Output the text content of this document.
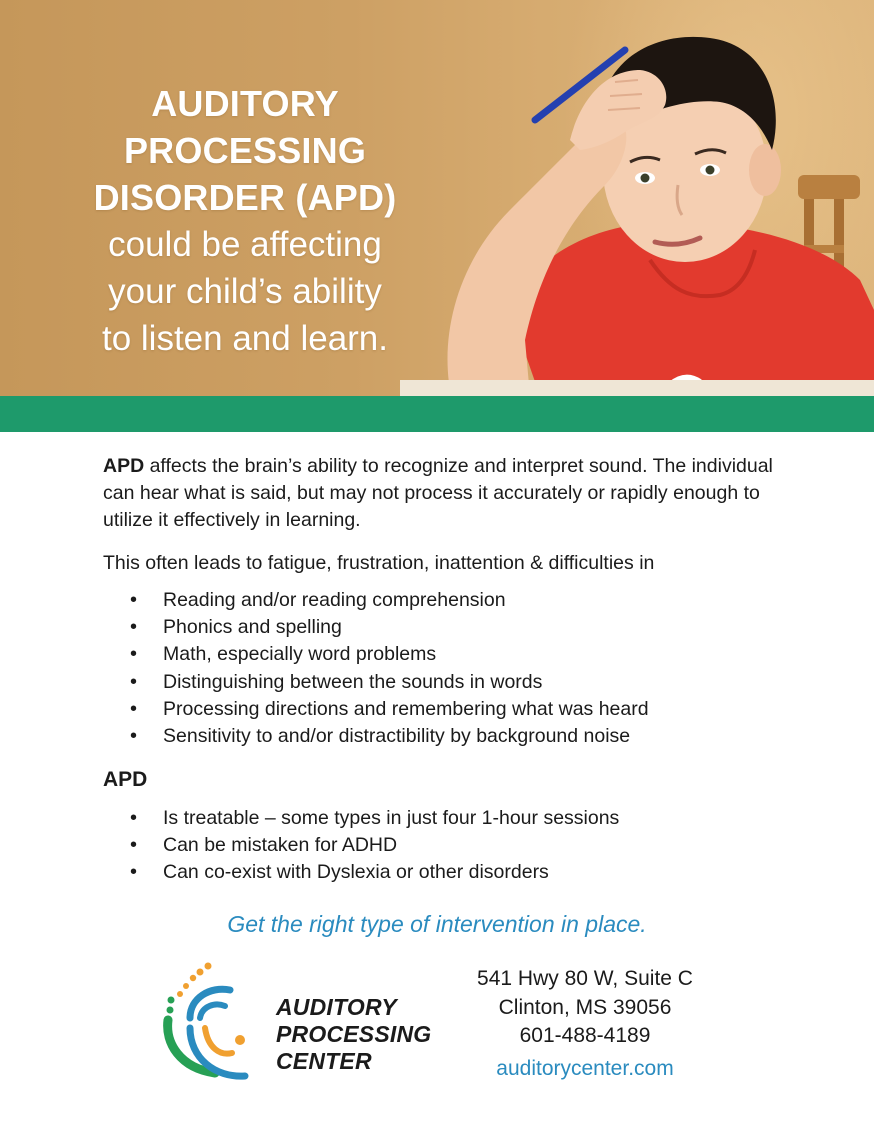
AUDITORY
PROCESSING
DISORDER (APD)
could be affecting
your child’s ability
to listen and learn.
APD affects the brain’s ability to recognize and interpret sound. The individual can hear what is said, but may not process it accurately or rapidly enough to utilize it effectively in learning.
This often leads to fatigue, frustration, inattention & difficulties in
• Reading and/or reading comprehension
• Phonics and spelling
• Math, especially word problems
• Distinguishing between the sounds in words
• Processing directions and remembering what was heard
• Sensitivity to and/or distractibility by background noise
APD
• Is treatable – some types in just four 1-hour sessions
• Can be mistaken for ADHD
• Can co-exist with Dyslexia or other disorders
Get the right type of intervention in place.
AUDITORY
PROCESSING
CENTER
541 Hwy 80 W, Suite C
Clinton, MS 39056
601-488-4189
auditorycenter.com
